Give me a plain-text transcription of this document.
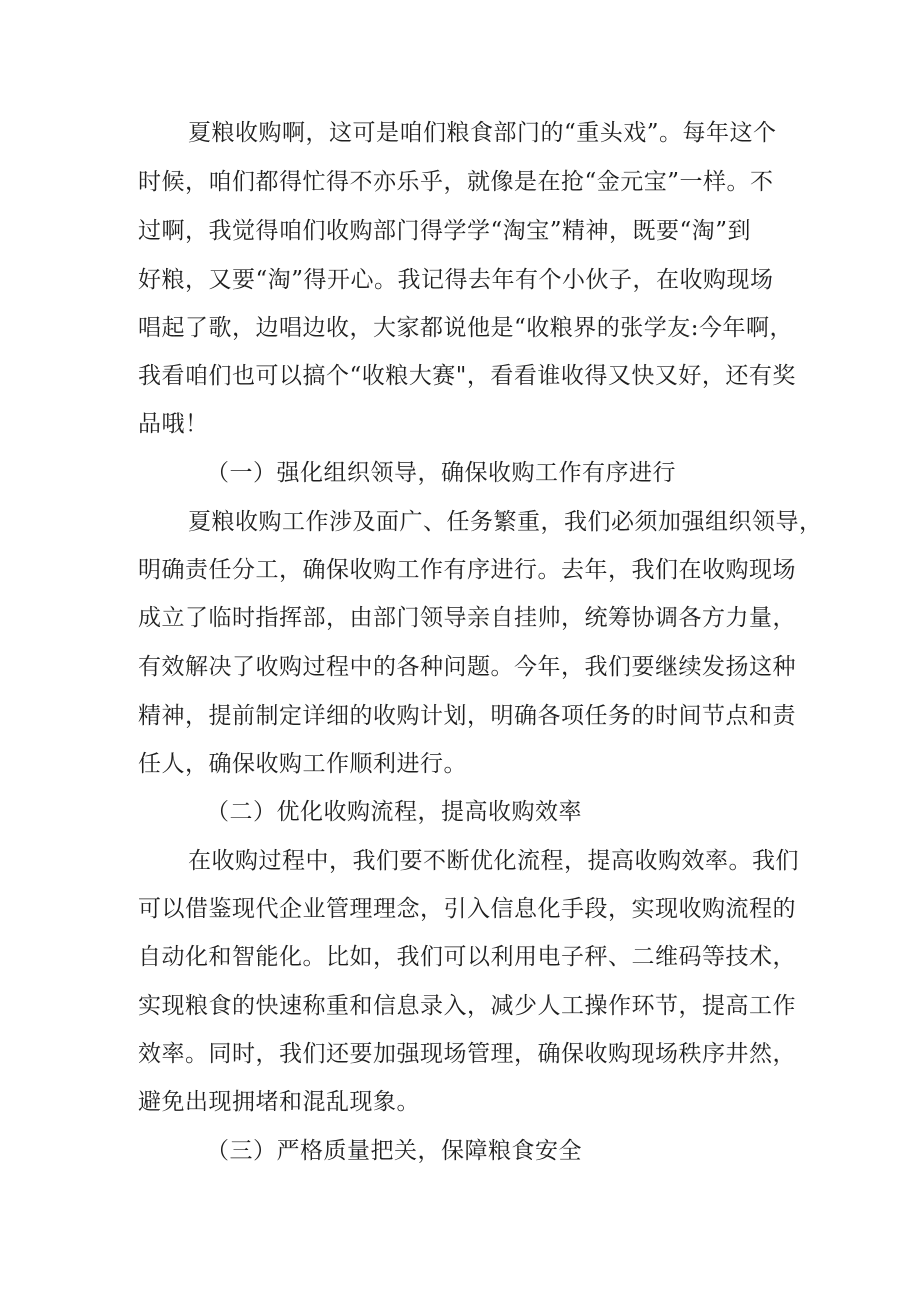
夏粮收购啊，这可是咱们粮食部门的“重头戏”。每年这个
时候，咱们都得忙得不亦乐乎，就像是在抢“金元宝”一样。不
过啊，我觉得咱们收购部门得学学“淘宝”精神，既要“淘”到
好粮，又要“淘”得开心。我记得去年有个小伙子，在收购现场
唱起了歌，边唱边收，大家都说他是“收粮界的张学友:今年啊，
我看咱们也可以搞个“收粮大赛"，看看谁收得又快又好，还有奖
品哦！
（一）强化组织领导，确保收购工作有序进行
夏粮收购工作涉及面广、任务繁重，我们必须加强组织领导，
明确责任分工，确保收购工作有序进行。去年，我们在收购现场
成立了临时指挥部，由部门领导亲自挂帅，统筹协调各方力量，
有效解决了收购过程中的各种问题。今年，我们要继续发扬这种
精神，提前制定详细的收购计划，明确各项任务的时间节点和责
任人，确保收购工作顺利进行。
（二）优化收购流程，提高收购效率
在收购过程中，我们要不断优化流程，提高收购效率。我们
可以借鉴现代企业管理理念，引入信息化手段，实现收购流程的
自动化和智能化。比如，我们可以利用电子秤、二维码等技术，
实现粮食的快速称重和信息录入，减少人工操作环节，提高工作
效率。同时，我们还要加强现场管理，确保收购现场秩序井然，
避免出现拥堵和混乱现象。
（三）严格质量把关，保障粮食安全
